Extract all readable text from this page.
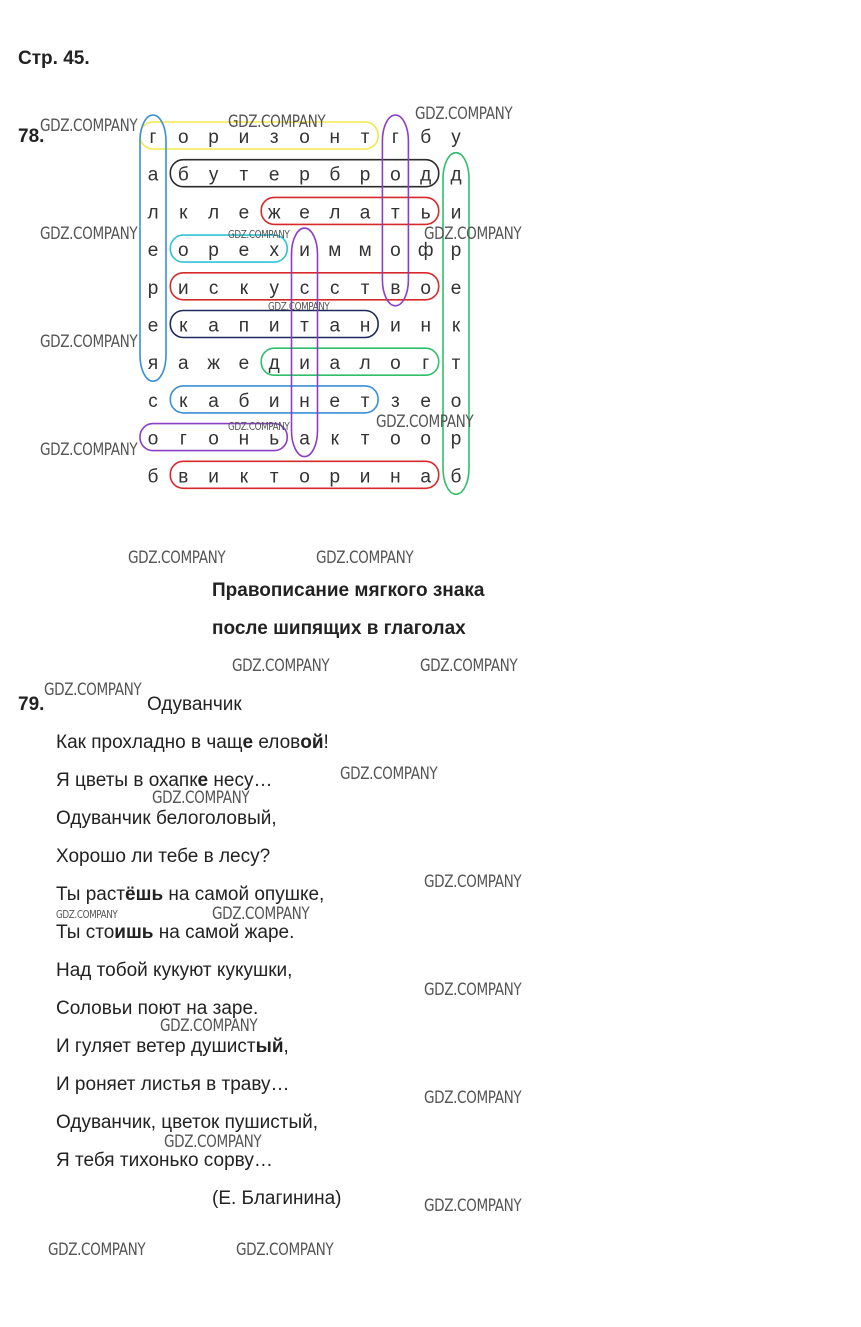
Стр. 45.
78.	г о р и з о н т г б у
а б у т е р б р о д д
л к л е ж е л а т ь и
е о р е х и м м о ф р
р и с к у с с т в о е
е к а п и т а н и н к
я а ж е д и а л о г т
с к а б и н е т з е о
о г о н ь а к т о о р
б в и к т о р и н а б
Правописание мягкого знака
после шипящих в глаголах
79.	Одуванчик
Как прохладно в чаще еловой!
Я цветы в охапке несу…
Одуванчик белоголовый,
Хорошо ли тебе в лесу?
Ты растёшь на самой опушке,
Ты стоишь на самой жаре.
Над тобой кукуют кукушки,
Соловьи поют на заре.
И гуляет ветер душистый,
И роняет листья в траву…
Одуванчик, цветок пушистый,
Я тебя тихонько сорву…
(Е. Благинина)
GDZ.COMPANY	GDZ.COMPANY	GDZ.COMPANY
GDZ.COMPANY	GDZ.COMPANY	GDZ.COMPANY
GDZ.COMPANY
GDZ.COMPANY
GDZ.COMPANY
GDZ.COMPANY
GDZ.COMPANY
GDZ.COMPANY	GDZ.COMPANY
GDZ.COMPANY	GDZ.COMPANY
GDZ.COMPANY
GDZ.COMPANY
GDZ.COMPANY
GDZ.COMPANY
GDZ.COMPANY	GDZ.COMPANY
GDZ.COMPANY
GDZ.COMPANY
GDZ.COMPANY
GDZ.COMPANY
GDZ.COMPANY
GDZ.COMPANY	GDZ.COMPANY
